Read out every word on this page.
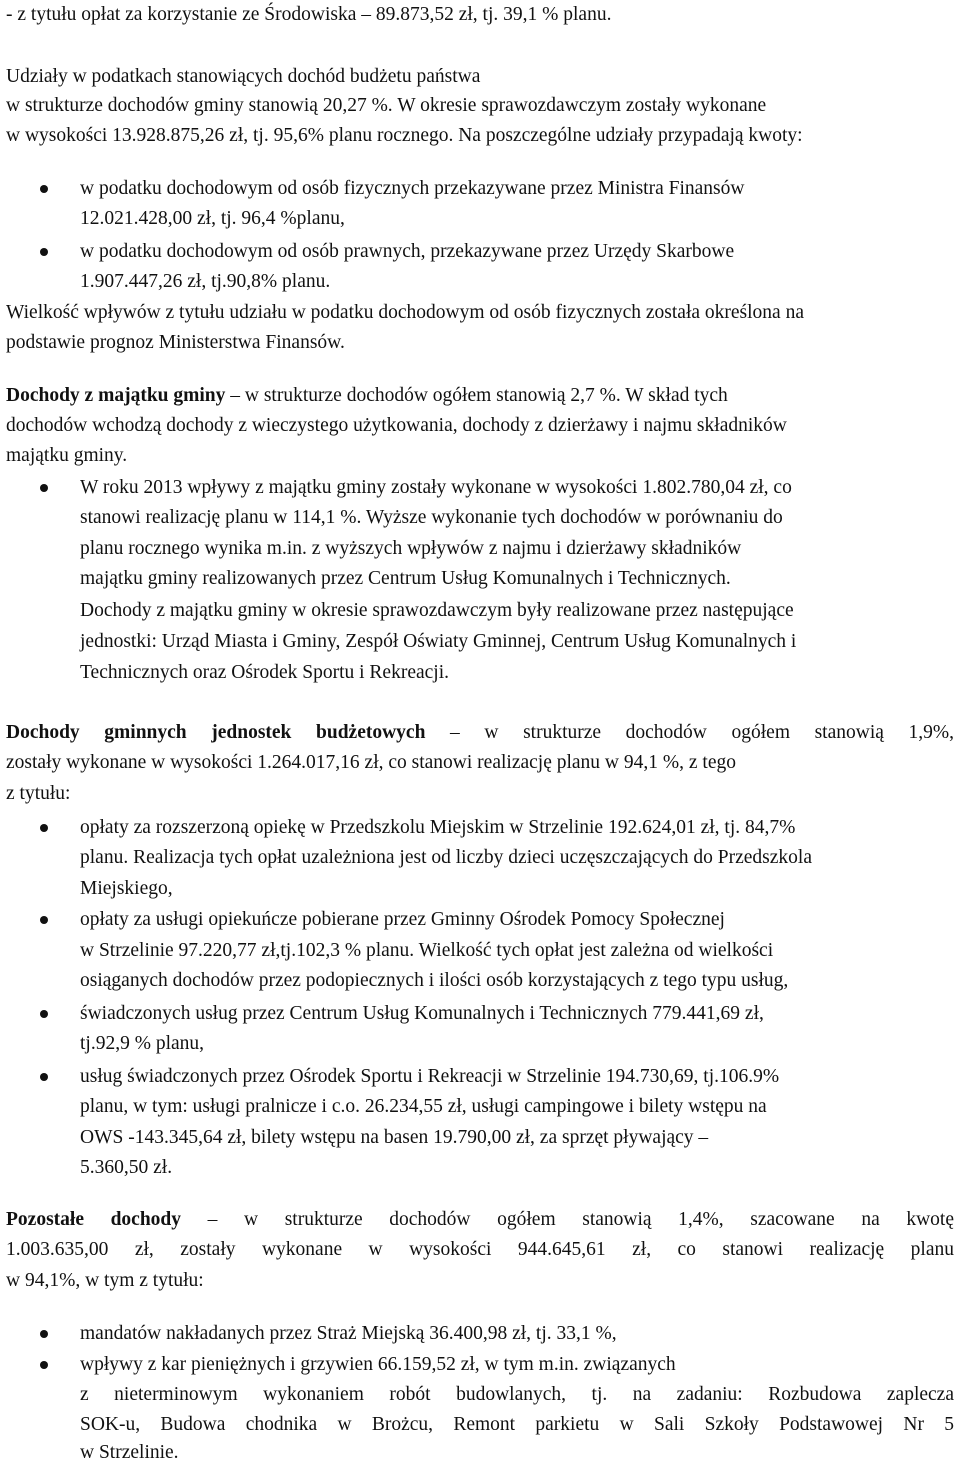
- z tytułu opłat za korzystanie ze Środowiska – 89.873,52 zł, tj. 39,1 % planu.
Udziały w podatkach stanowiących dochód budżetu państwa
w strukturze dochodów gminy stanowią 20,27 %. W okresie sprawozdawczym zostały wykonane
w wysokości 13.928.875,26 zł, tj. 95,6% planu rocznego. Na poszczególne udziały przypadają kwoty:
w podatku dochodowym od osób fizycznych przekazywane przez Ministra Finansów
12.021.428,00 zł, tj. 96,4 %planu,
w podatku dochodowym od osób prawnych, przekazywane przez Urzędy Skarbowe
1.907.447,26 zł, tj.90,8% planu.
Wielkość wpływów z tytułu udziału w podatku dochodowym od osób fizycznych została określona na
podstawie prognoz Ministerstwa Finansów.
Dochody z majątku gminy – w strukturze dochodów ogółem stanowią 2,7 %. W skład tych
dochodów wchodzą dochody z wieczystego użytkowania, dochody z dzierżawy i najmu składników
majątku gminy.
W roku 2013 wpływy z majątku gminy zostały wykonane w wysokości 1.802.780,04 zł, co
stanowi realizację planu w 114,1 %. Wyższe wykonanie tych dochodów w porównaniu do
planu rocznego wynika m.in. z wyższych wpływów z najmu i dzierżawy składników
majątku gminy realizowanych przez Centrum Usług Komunalnych i Technicznych.
Dochody z majątku gminy w okresie sprawozdawczym były realizowane przez następujące
jednostki: Urząd Miasta i Gminy, Zespół Oświaty Gminnej, Centrum Usług Komunalnych i
Technicznych oraz Ośrodek Sportu i Rekreacji.
Dochody gminnych jednostek budżetowych – w strukturze dochodów ogółem stanowią 1,9%,
zostały wykonane w wysokości 1.264.017,16 zł, co stanowi realizację planu w 94,1 %, z tego
z tytułu:
opłaty za rozszerzoną opiekę w Przedszkolu Miejskim w Strzelinie 192.624,01 zł, tj. 84,7%
planu. Realizacja tych opłat uzależniona jest od liczby dzieci uczęszczających do Przedszkola
Miejskiego,
opłaty za usługi opiekuńcze pobierane przez Gminny Ośrodek Pomocy Społecznej
w Strzelinie 97.220,77 zł,tj.102,3 % planu. Wielkość tych opłat jest zależna od wielkości
osiąganych dochodów przez podopiecznych i ilości osób korzystających z tego typu usług,
świadczonych usług przez Centrum Usług Komunalnych i Technicznych 779.441,69 zł,
tj.92,9 % planu,
usług świadczonych przez Ośrodek Sportu i Rekreacji w Strzelinie 194.730,69, tj.106.9%
planu, w tym: usługi pralnicze i c.o. 26.234,55 zł, usługi campingowe i bilety wstępu na
OWS -143.345,64 zł, bilety wstępu na basen 19.790,00 zł, za sprzęt pływający –
5.360,50 zł.
Pozostałe dochody – w strukturze dochodów ogółem stanowią 1,4%, szacowane na kwotę
1.003.635,00 zł, zostały wykonane w wysokości 944.645,61 zł, co stanowi realizację planu
w 94,1%, w tym z tytułu:
mandatów nakładanych przez Straż Miejską 36.400,98 zł, tj. 33,1 %,
wpływy z kar pieniężnych i grzywien 66.159,52 zł, w tym m.in. związanych
z nieterminowym wykonaniem robót budowlanych, tj. na zadaniu: Rozbudowa zaplecza
SOK-u, Budowa chodnika w Brożcu, Remont parkietu w Sali Szkoły Podstawowej Nr 5
w Strzelinie.
